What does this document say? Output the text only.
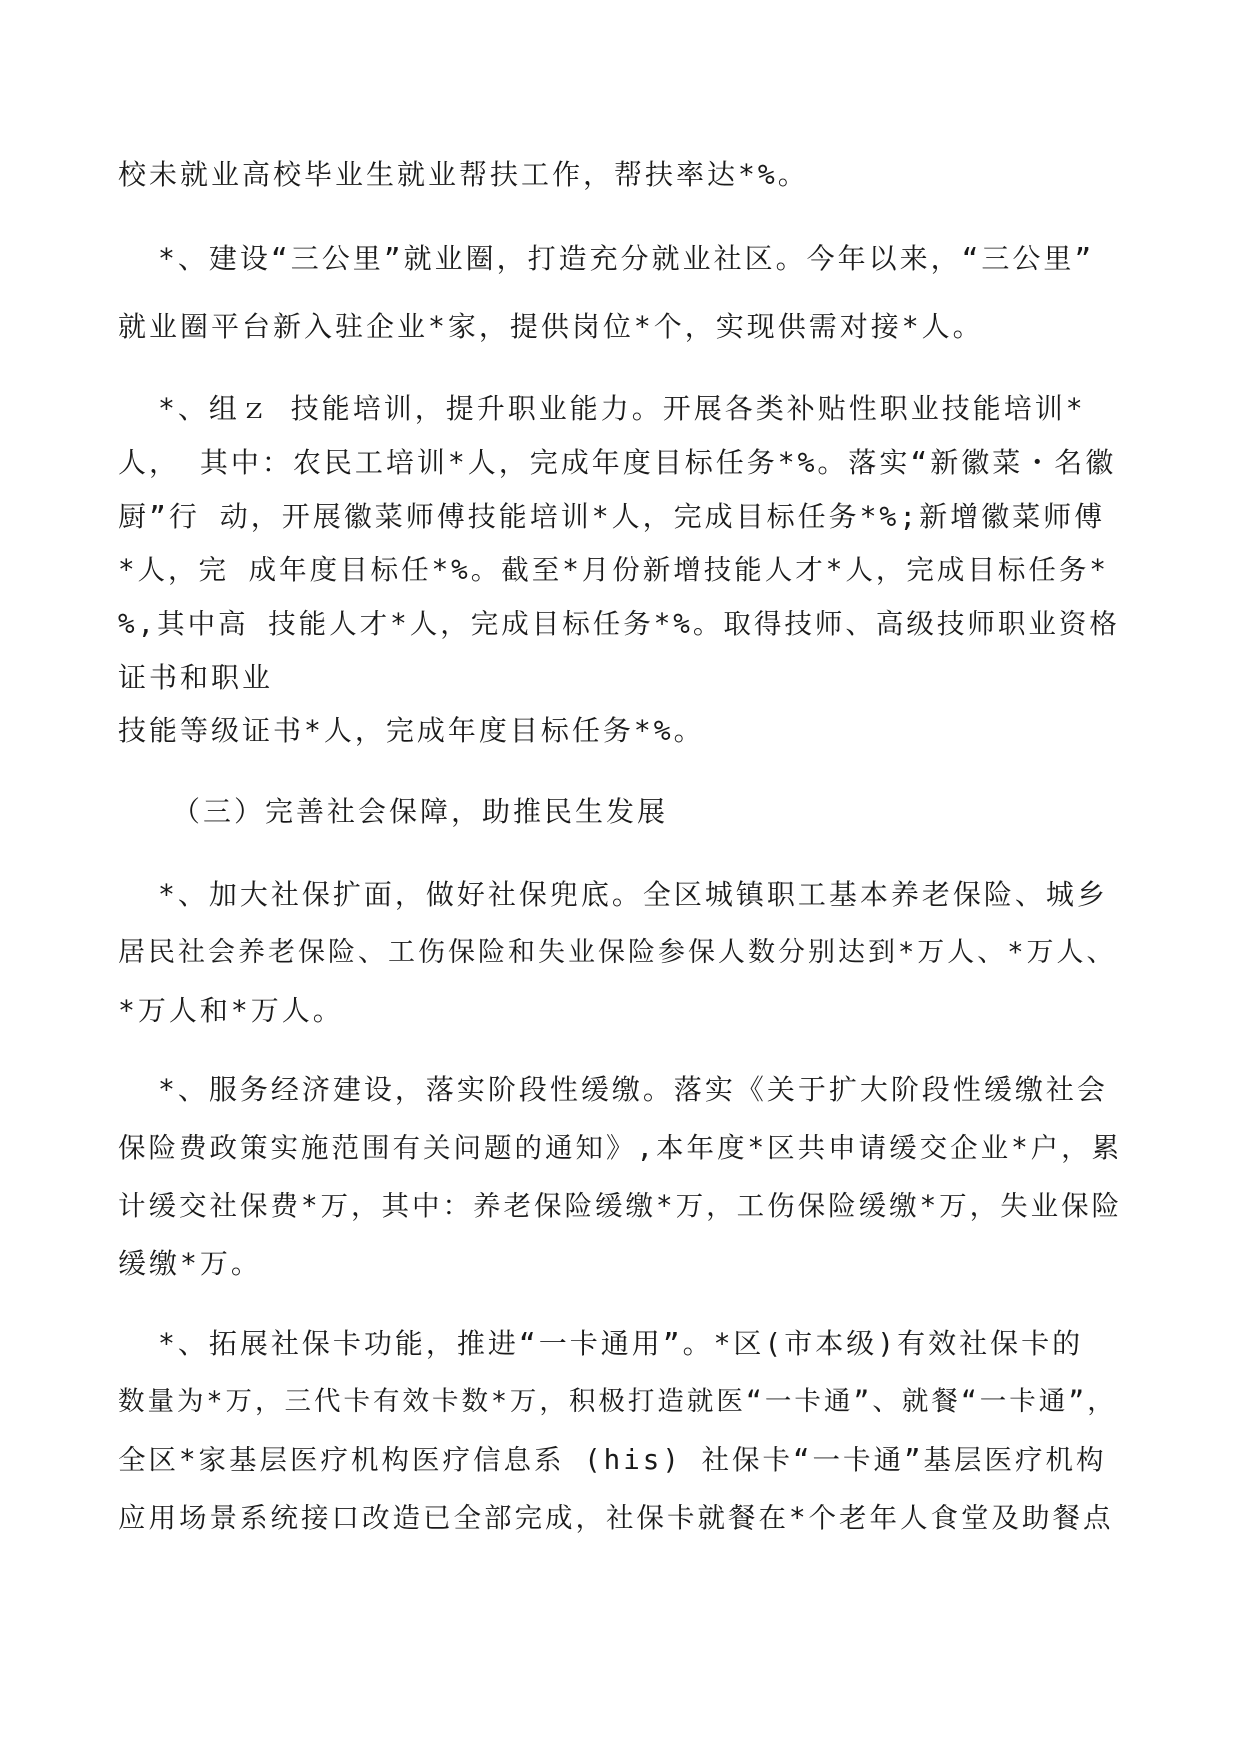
校未就业高校毕业生就业帮扶工作，帮扶率达*%。
*、建设“三公里”就业圈，打造充分就业社区。今年以来，“三公里”
就业圈平台新入驻企业*家，提供岗位*个，实现供需对接*人。
*、组ｚ 技能培训，提升职业能力。开展各类补贴性职业技能培训*
人， 其中：农民工培训*人，完成年度目标任务*%。落实“新徽菜・名徽
厨”行 动，开展徽菜师傅技能培训*人，完成目标任务*%;新增徽菜师傅
*人，完 成年度目标任*%。截至*月份新增技能人才*人，完成目标任务*
%,其中高 技能人才*人，完成目标任务*%。取得技师、高级技师职业资格
证书和职业
技能等级证书*人，完成年度目标任务*%。
（三）完善社会保障，助推民生发展
*、加大社保扩面，做好社保兜底。全区城镇职工基本养老保险、城乡
居民社会养老保险、工伤保险和失业保险参保人数分别达到*万人、*万人、
*万人和*万人。
*、服务经济建设，落实阶段性缓缴。落实《关于扩大阶段性缓缴社会
保险费政策实施范围有关问题的通知》,本年度*区共申请缓交企业*户，累
计缓交社保费*万，其中：养老保险缓缴*万，工伤保险缓缴*万，失业保险
缓缴*万。
*、拓展社保卡功能，推进“一卡通用”。*区(市本级)有效社保卡的
数量为*万，三代卡有效卡数*万，积极打造就医“一卡通”、就餐“一卡通”，
全区*家基层医疗机构医疗信息系 (his) 社保卡“一卡通”基层医疗机构
应用场景系统接口改造已全部完成，社保卡就餐在*个老年人食堂及助餐点
